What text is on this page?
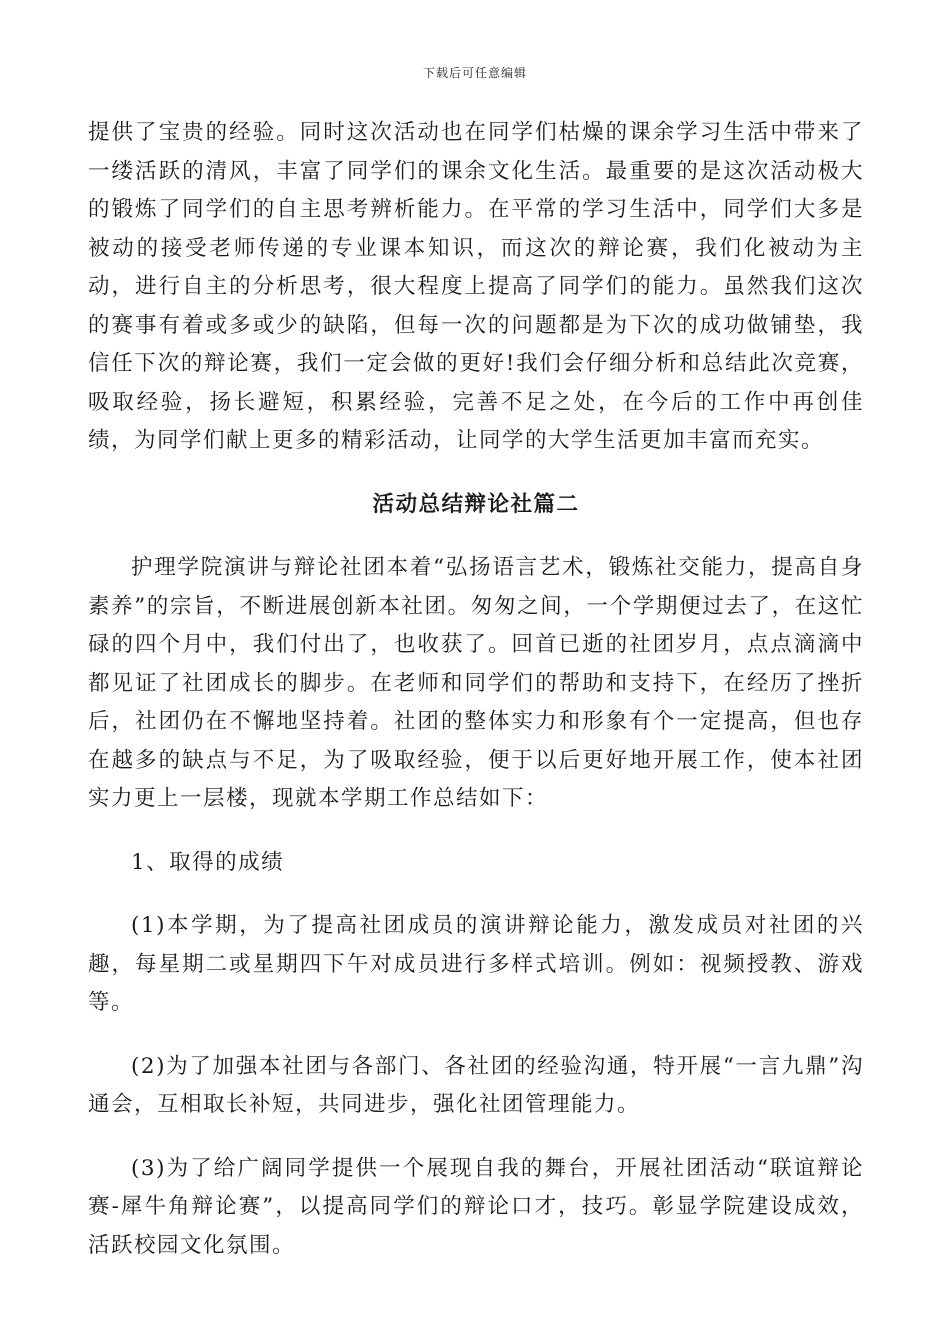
下载后可任意编辑

提供了宝贵的经验。同时这次活动也在同学们枯燥的课余学习生活中带来了一缕活跃的清风，丰富了同学们的课余文化生活。最重要的是这次活动极大的锻炼了同学们的自主思考辨析能力。在平常的学习生活中，同学们大多是被动的接受老师传递的专业课本知识，而这次的辩论赛，我们化被动为主动，进行自主的分析思考，很大程度上提高了同学们的能力。虽然我们这次的赛事有着或多或少的缺陷，但每一次的问题都是为下次的成功做铺垫，我信任下次的辩论赛，我们一定会做的更好!我们会仔细分析和总结此次竞赛，吸取经验，扬长避短，积累经验，完善不足之处，在今后的工作中再创佳绩，为同学们献上更多的精彩活动，让同学的大学生活更加丰富而充实。

活动总结辩论社篇二

护理学院演讲与辩论社团本着“弘扬语言艺术，锻炼社交能力，提高自身素养”的宗旨，不断进展创新本社团。匆匆之间，一个学期便过去了，在这忙碌的四个月中，我们付出了，也收获了。回首已逝的社团岁月，点点滴滴中都见证了社团成长的脚步。在老师和同学们的帮助和支持下，在经历了挫折后，社团仍在不懈地坚持着。社团的整体实力和形象有个一定提高，但也存在越多的缺点与不足，为了吸取经验，便于以后更好地开展工作，使本社团实力更上一层楼，现就本学期工作总结如下：

1、取得的成绩

(1)本学期，为了提高社团成员的演讲辩论能力，激发成员对社团的兴趣，每星期二或星期四下午对成员进行多样式培训。例如：视频授教、游戏等。

(2)为了加强本社团与各部门、各社团的经验沟通，特开展“一言九鼎”沟通会，互相取长补短，共同进步，强化社团管理能力。

(3)为了给广阔同学提供一个展现自我的舞台，开展社团活动“联谊辩论赛-犀牛角辩论赛”，以提高同学们的辩论口才，技巧。彰显学院建设成效，活跃校园文化氛围。
